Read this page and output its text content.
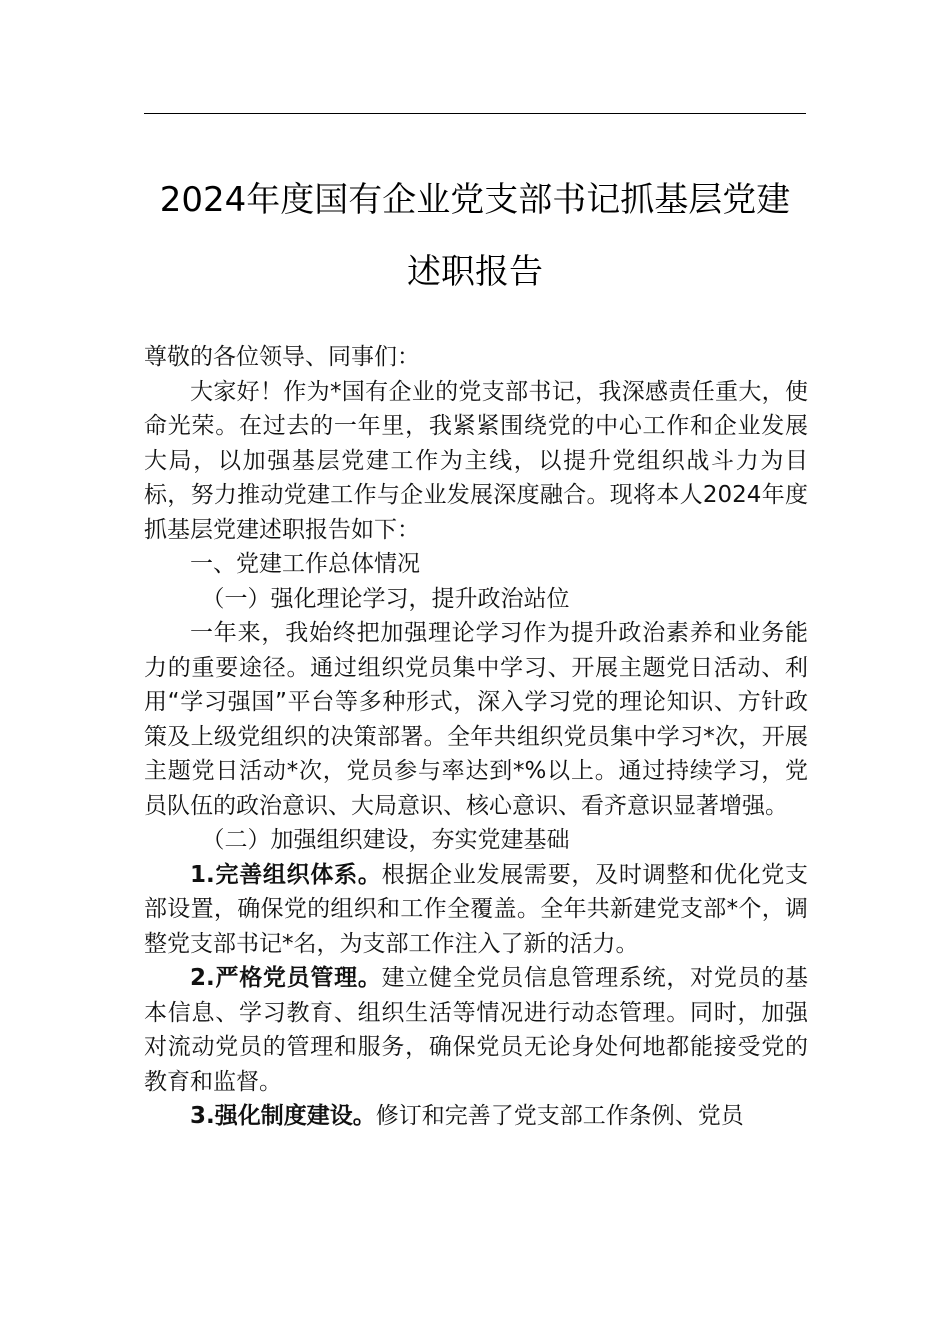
2024年度国有企业党支部书记抓基层党建
述职报告

尊敬的各位领导、同事们：

大家好！作为*国有企业的党支部书记，我深感责任重大，使命光荣。在过去的一年里，我紧紧围绕党的中心工作和企业发展大局，以加强基层党建工作为主线，以提升党组织战斗力为目标，努力推动党建工作与企业发展深度融合。现将本人2024年度抓基层党建述职报告如下：

一、党建工作总体情况

（一）强化理论学习，提升政治站位

一年来，我始终把加强理论学习作为提升政治素养和业务能力的重要途径。通过组织党员集中学习、开展主题党日活动、利用“学习强国”平台等多种形式，深入学习党的理论知识、方针政策及上级党组织的决策部署。全年共组织党员集中学习*次，开展主题党日活动*次，党员参与率达到*%以上。通过持续学习，党员队伍的政治意识、大局意识、核心意识、看齐意识显著增强。

（二）加强组织建设，夯实党建基础

1.完善组织体系。根据企业发展需要，及时调整和优化党支部设置，确保党的组织和工作全覆盖。全年共新建党支部*个，调整党支部书记*名，为支部工作注入了新的活力。

2.严格党员管理。建立健全党员信息管理系统，对党员的基本信息、学习教育、组织生活等情况进行动态管理。同时，加强对流动党员的管理和服务，确保党员无论身处何地都能接受党的教育和监督。

3.强化制度建设。修订和完善了党支部工作条例、党员
